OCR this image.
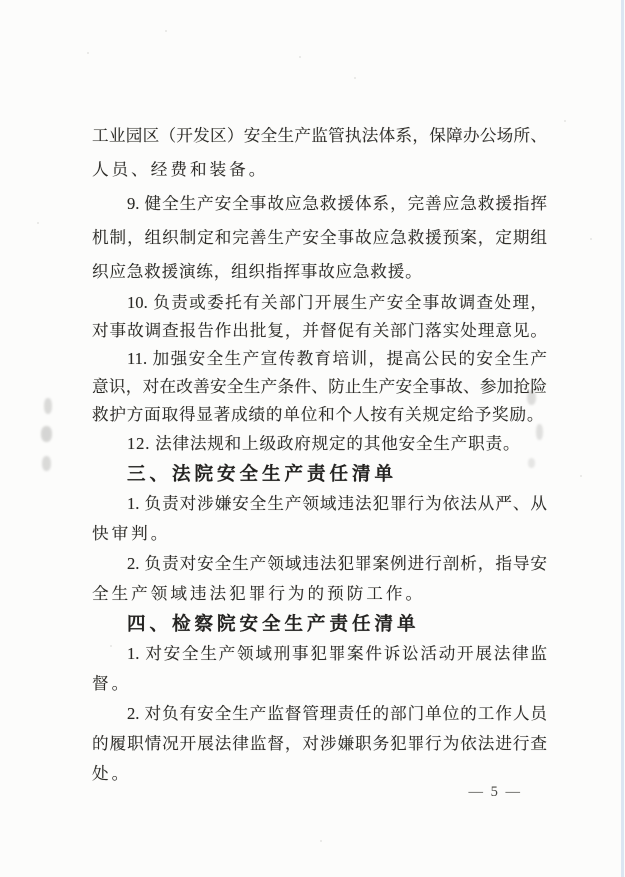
工业园区（开发区）安全生产监管执法体系，保障办公场所、
人员、经费和装备。
9. 健全生产安全事故应急救援体系，完善应急救援指挥
机制，组织制定和完善生产安全事故应急救援预案，定期组
织应急救援演练，组织指挥事故应急救援。
10. 负责或委托有关部门开展生产安全事故调查处理，
对事故调查报告作出批复，并督促有关部门落实处理意见。
11. 加强安全生产宣传教育培训，提高公民的安全生产
意识，对在改善安全生产条件、防止生产安全事故、参加抢险
救护方面取得显著成绩的单位和个人按有关规定给予奖励。
12. 法律法规和上级政府规定的其他安全生产职责。
三、法院安全生产责任清单
1. 负责对涉嫌安全生产领域违法犯罪行为依法从严、从
快审判。
2. 负责对安全生产领域违法犯罪案例进行剖析，指导安
全生产领域违法犯罪行为的预防工作。
四、检察院安全生产责任清单
1. 对安全生产领域刑事犯罪案件诉讼活动开展法律监
督。
2. 对负有安全生产监督管理责任的部门单位的工作人员
的履职情况开展法律监督，对涉嫌职务犯罪行为依法进行查
处。
— 5 —
